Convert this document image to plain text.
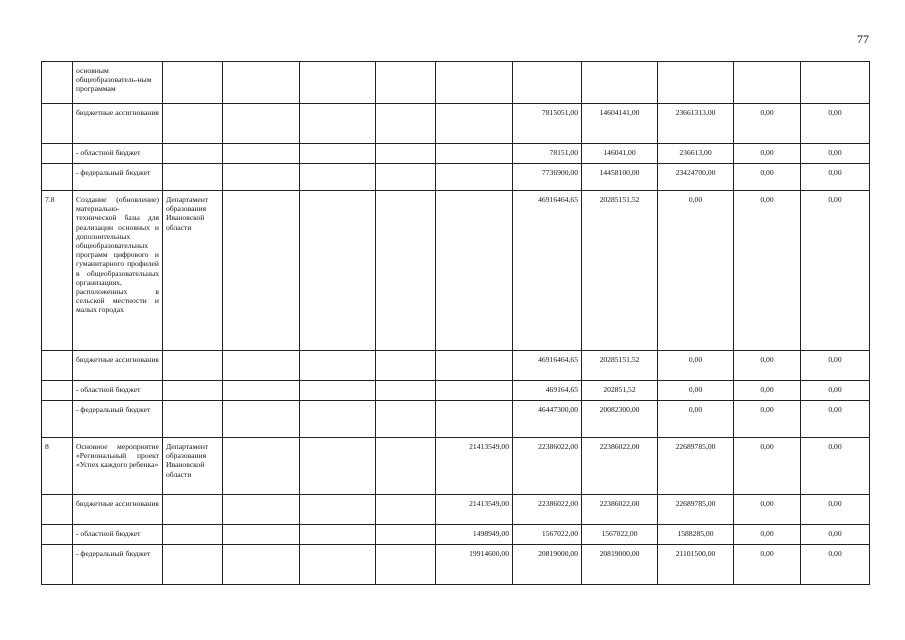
77
	основным общеобразователь-ным программам										
	бюджетные ассигнования						7815051,00	14604141,00	23661313,00	0,00	0,00
	- областной бюджет						78151,00	146041,00	236613,00	0,00	0,00
	- федеральный бюджет						7736900,00	14458100,00	23424700,00	0,00	0,00
7.8	Создание (обновление) материально-технической базы для реализации основных и дополнительных общеобразовательных программ цифрового и гуманитарного профилей в общеобразовательных организациях, расположенных в сельской местности и малых городах	Департамент образования Ивановской области					46916464,65	20285151,52	0,00	0,00	0,00
	бюджетные ассигнования						46916464,65	20285151,52	0,00	0,00	0,00
	- областной бюджет						469164,65	202851,52	0,00	0,00	0,00
	- федеральный бюджет						46447300,00	20082300,00	0,00	0,00	0,00
8	Основное мероприятие «Региональный проект «Успех каждого ребенка»	Департамент образования Ивановской области				21413549,00	22386022,00	22386022,00	22689785,00	0,00	0,00
	бюджетные ассигнования					21413549,00	22386022,00	22386022,00	22689785,00	0,00	0,00
	- областной бюджет					1498949,00	1567022,00	1567022,00	1588285,00	0,00	0,00
	- федеральный бюджет					19914600,00	20819000,00	20819000,00	21101500,00	0,00	0,00
